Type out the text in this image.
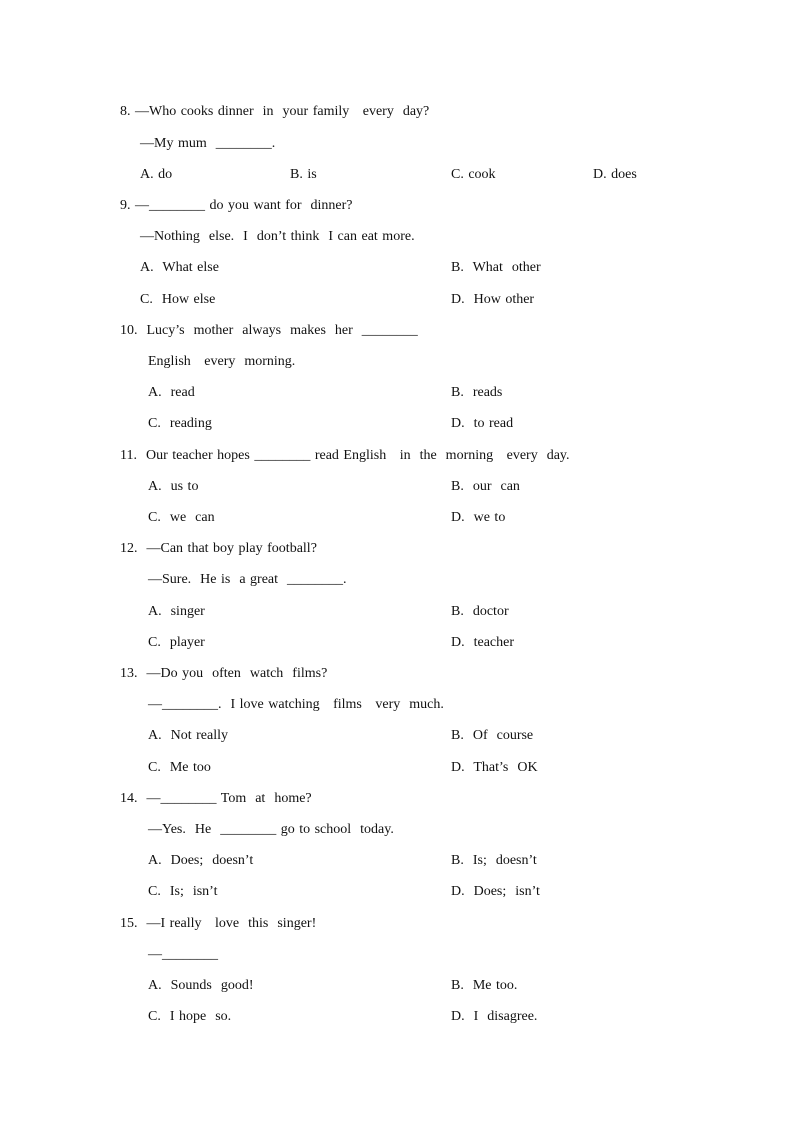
8. —Who cooks dinner  in  your family   every  day?
—My mum  ________.
A. do	B. is	C. cook	D. does
9. —________ do you want for  dinner?
—Nothing  else.  I  don’t think  I can eat more.
A.  What else	B.  What  other
C.  How else	D.  How other
10.  Lucy’s  mother  always  makes  her  ________
English   every  morning.
A.  read	B.  reads
C.  reading	D.  to read
11.  Our teacher hopes ________ read English   in  the  morning   every  day.
A.  us to	B.  our  can
C.  we  can	D.  we to
12.  —Can that boy play football?
—Sure.  He is  a great  ________.
A.  singer	B.  doctor
C.  player	D.  teacher
13.  —Do you  often  watch  films?
—________.  I love watching   films   very  much.
A.  Not really	B.  Of  course
C.  Me too	D.  That’s  OK
14.  —________ Tom  at  home?
—Yes.  He  ________ go to school  today.
A.  Does;  doesn’t	B.  Is;  doesn’t
C.  Is;  isn’t	D.  Does;  isn’t
15.  —I really   love  this  singer!
—________
A.  Sounds  good!	B.  Me too.
C.  I hope  so.	D.  I  disagree.
